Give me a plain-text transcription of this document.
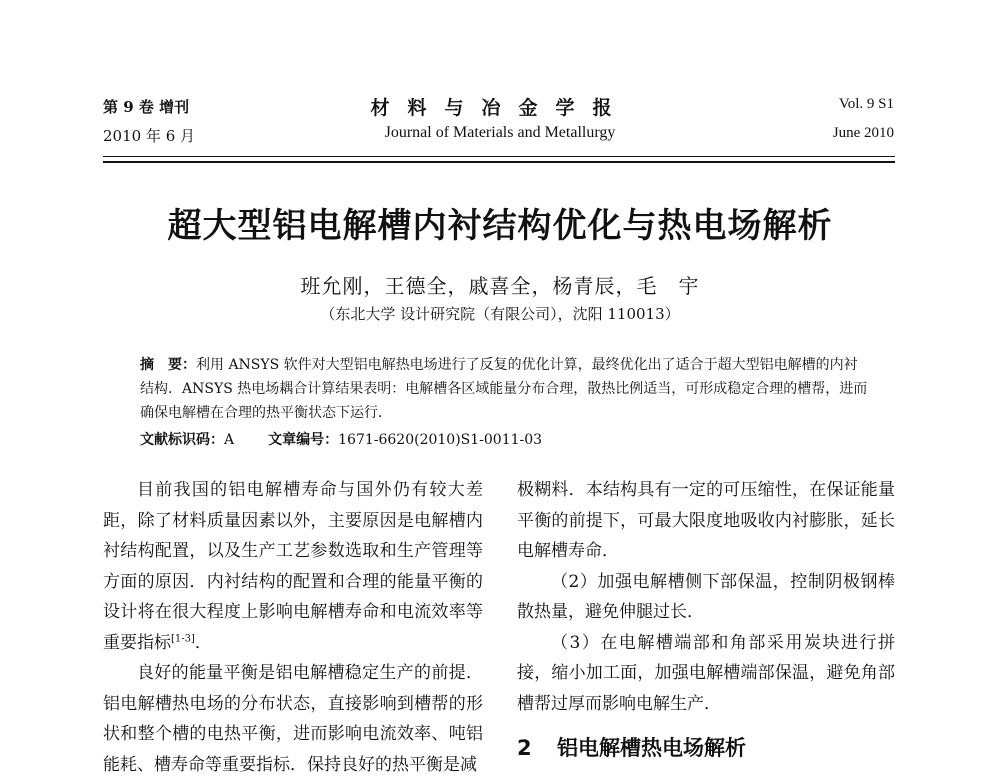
材料与冶金学报
Journal of Materials and Metallurgy
第 9 卷 增刊
2010 年 6 月
Vol. 9 S1
June 2010
超大型铝电解槽内衬结构优化与热电场解析
班允刚，王德全，戚喜全，杨青辰，毛　宇
（东北大学 设计研究院（有限公司），沈阳 110013）
摘　要：利用 ANSYS 软件对大型铝电解热电场进行了反复的优化计算，最终优化出了适合于超大型铝电解槽的内衬结构．ANSYS 热电场耦合计算结果表明：电解槽各区域能量分布合理，散热比例适当，可形成稳定合理的槽帮，进而确保电解槽在合理的热平衡状态下运行．
文献标识码：A 文章编号：1671-6620(2010)S1-0011-03

目前我国的铝电解槽寿命与国外仍有较大差距，除了材料质量因素以外，主要原因是电解槽内衬结构配置，以及生产工艺参数选取和生产管理等方面的原因．内衬结构的配置和合理的能量平衡的设计将在很大程度上影响电解槽寿命和电流效率等重要指标[1-3]．

良好的能量平衡是铝电解槽稳定生产的前提．铝电解槽热电场的分布状态，直接影响到槽帮的形状和整个槽的电热平衡，进而影响电流效率、吨铝能耗、槽寿命等重要指标．保持良好的热平衡是减

极糊料．本结构具有一定的可压缩性，在保证能量平衡的前提下，可最大限度地吸收内衬膨胀，延长电解槽寿命．

（2）加强电解槽侧下部保温，控制阴极钢棒散热量，避免伸腿过长．

（3）在电解槽端部和角部采用炭块进行拼接，缩小加工面，加强电解槽端部保温，避免角部槽帮过厚而影响电解生产．

2 铝电解槽热电场解析
